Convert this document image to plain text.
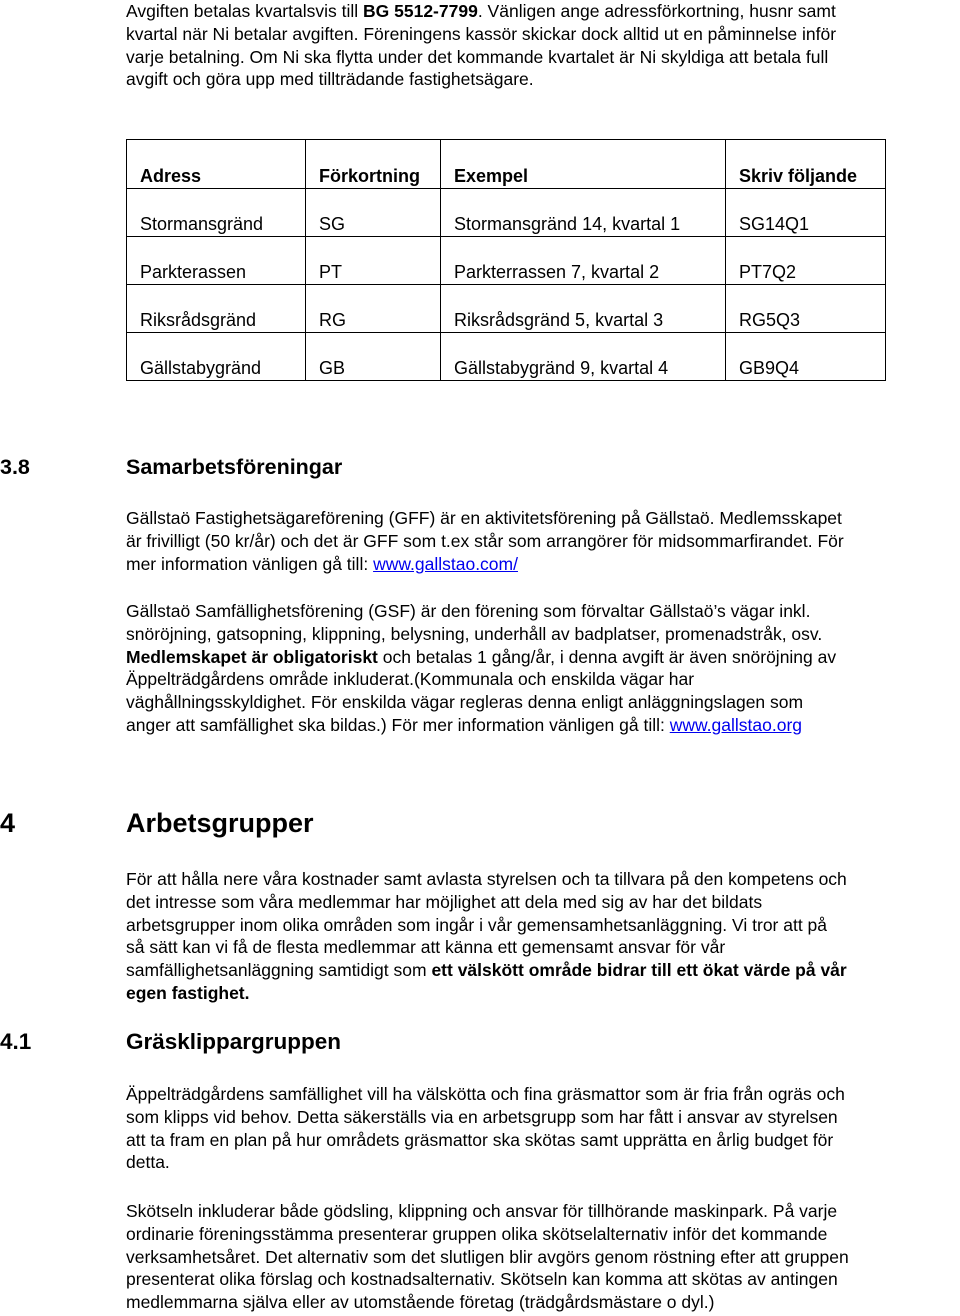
Avgiften betalas kvartalsvis till BG 5512-7799. Vänligen ange adressförkortning, husnr samt
kvartal när Ni betalar avgiften. Föreningens kassör skickar dock alltid ut en påminnelse inför
varje betalning. Om Ni ska flytta under det kommande kvartalet är Ni skyldiga att betala full
avgift och göra upp med tillträdande fastighetsägare.
Adress	Förkortning	Exempel	Skriv följande

Stormansgränd	SG	Stormansgränd 14, kvartal 1	SG14Q1

Parkterassen	PT	Parkterrassen 7, kvartal 2	PT7Q2

Riksrådsgränd	RG	Riksrådsgränd 5, kvartal 3	RG5Q3

Gällstabygränd	GB	Gällstabygränd 9, kvartal 4	GB9Q4
3.8	Samarbetsföreningar
Gällstaö Fastighetsägareförening (GFF) är en aktivitetsförening på Gällstaö. Medlemsskapet
är frivilligt (50 kr/år) och det är GFF som t.ex står som arrangörer för midsommarfirandet. För
mer information vänligen gå till: www.gallstao.com/
Gällstaö Samfällighetsförening (GSF) är den förening som förvaltar Gällstaö’s vägar inkl.
snöröjning, gatsopning, klippning, belysning, underhåll av badplatser, promenadstråk, osv.
Medlemskapet är obligatoriskt och betalas 1 gång/år, i denna avgift är även snöröjning av
Äppelträdgårdens område inkluderat.(Kommunala och enskilda vägar har
väghållningsskyldighet. För enskilda vägar regleras denna enligt anläggningslagen som
anger att samfällighet ska bildas.) För mer information vänligen gå till: www.gallstao.org
4	Arbetsgrupper
För att hålla nere våra kostnader samt avlasta styrelsen och ta tillvara på den kompetens och
det intresse som våra medlemmar har möjlighet att dela med sig av har det bildats
arbetsgrupper inom olika områden som ingår i vår gemensamhetsanläggning. Vi tror att på
så sätt kan vi få de flesta medlemmar att känna ett gemensamt ansvar för vår
samfällighetsanläggning samtidigt som ett välskött område bidrar till ett ökat värde på vår
egen fastighet.
4.1	Gräsklippargruppen
Äppelträdgårdens samfällighet vill ha välskötta och fina gräsmattor som är fria från ogräs och
som klipps vid behov. Detta säkerställs via en arbetsgrupp som har fått i ansvar av styrelsen
att ta fram en plan på hur områdets gräsmattor ska skötas samt upprätta en årlig budget för
detta.
Skötseln inkluderar både gödsling, klippning och ansvar för tillhörande maskinpark. På varje
ordinarie föreningsstämma presenterar gruppen olika skötselalternativ inför det kommande
verksamhetsåret. Det alternativ som det slutligen blir avgörs genom röstning efter att gruppen
presenterat olika förslag och kostnadsalternativ. Skötseln kan komma att skötas av antingen
medlemmarna själva eller av utomstående företag (trädgårdsmästare o dyl.)
